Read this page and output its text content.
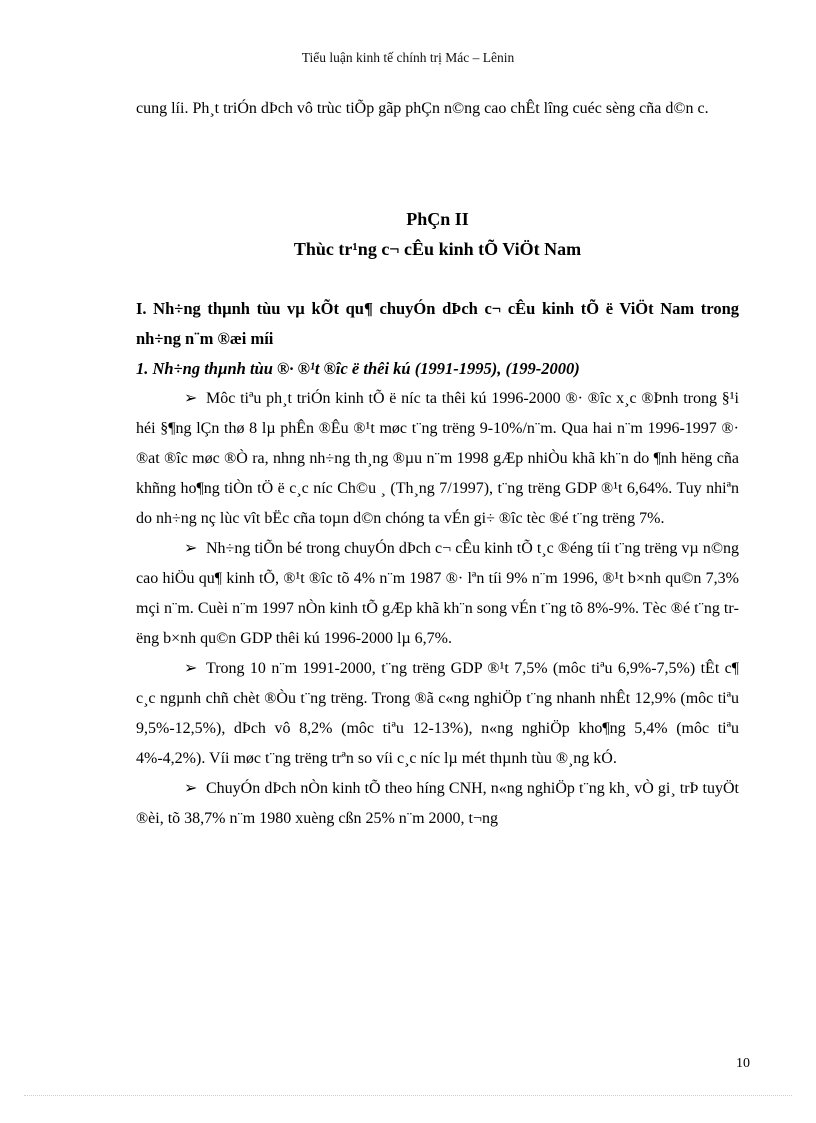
Tiểu luận kinh tế chính trị Mác – Lênin

cung líi. Ph¸t triÓn dÞch vô trùc tiÕp gãp phÇn n©ng cao chÊt lîng cuéc sèng cña d©n c.

PhÇn II

Thùc tr¹ng c¬ cÊu kinh tÕ ViÖt Nam

I. Nh÷ng thµnh tùu vµ kÕt qu¶ chuyÓn dÞch c¬ cÊu kinh tÕ ë ViÖt Nam trong nh÷ng n¨m ®æi míi

1. Nh÷ng thµnh tùu ®· ®¹t ®îc ë thêi kú (1991-1995), (199-2000)

➢ Môc tiªu ph¸t triÓn kinh tÕ ë níc ta thêi kú 1996-2000 ®· ®îc x¸c ®Þnh trong §¹i héi §¶ng lÇn thø 8 lµ phÊn ®Êu ®¹t møc t¨ng trëng 9-10%/n¨m. Qua hai n¨m 1996-1997 ®· ®at ®îc møc ®Ò ra, nhng nh÷ng th¸ng ®µu n¨m 1998 gÆp nhiÒu khã kh¨n do ¶nh hëng cña khñng ho¶ng tiÒn tÖ ë c¸c níc Ch©u ¸ (Th¸ng 7/1997), t¨ng trëng GDP ®¹t 6,64%. Tuy nhiªn do nh÷ng nç lùc vît bËc cña toµn d©n chóng ta vÉn gi÷ ®îc tèc ®é t¨ng trëng 7%.

➢ Nh÷ng tiÕn bé trong chuyÓn dÞch c¬ cÊu kinh tÕ t¸c ®éng tíi t¨ng trëng vµ n©ng cao hiÖu qu¶ kinh tÕ, ®¹t ®îc tõ 4% n¨m 1987 ®· lªn tíi 9% n¨m 1996, ®¹t b×nh qu©n 7,3% mçi n¨m. Cuèi n¨m 1997 nÒn kinh tÕ gÆp khã kh¨n song vÉn t¨ng tõ 8%-9%. Tèc ®é t¨ng trëng b×nh qu©n GDP thêi kú 1996-2000 lµ 6,7%.

➢ Trong 10 n¨m 1991-2000, t¨ng trëng GDP ®¹t 7,5% (môc tiªu 6,9%-7,5%) tÊt c¶ c¸c ngµnh chñ chèt ®Òu t¨ng trëng. Trong ®ã c«ng nghiÖp t¨ng nhanh nhÊt 12,9% (môc tiªu 9,5%-12,5%), dÞch vô 8,2% (môc tiªu 12-13%), n«ng nghiÖp kho¶ng 5,4% (môc tiªu 4%-4,2%). Víi møc t¨ng trëng trªn so víi c¸c níc lµ mét thµnh tùu ®¸ng kÓ.

➢ ChuyÓn dÞch nÒn kinh tÕ theo híng CNH, n«ng nghiÖp t¨ng kh¸ vÒ gi¸ trÞ tuyÖt ®èi, tõ 38,7% n¨m 1980 xuèng cßn 25% n¨m 2000, t¬ng

10
